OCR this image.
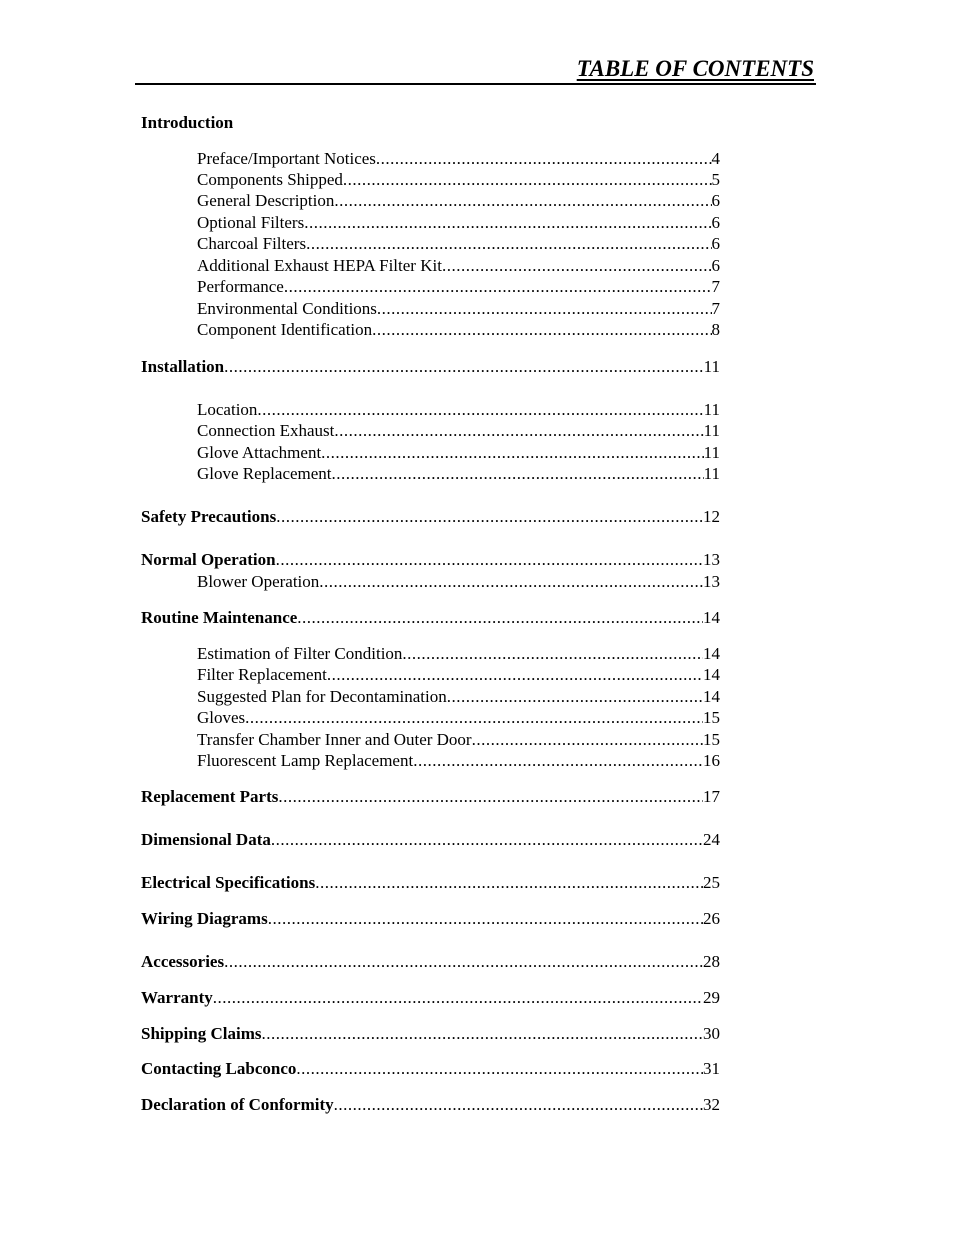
TABLE OF CONTENTS
Introduction
Preface/Important Notices .....	4
Components Shipped .....	5
General Description .....	6
Optional Filters .....	6
Charcoal Filters .....	6
Additional Exhaust HEPA Filter Kit .....	6
Performance .....	7
Environmental Conditions .....	7
Component Identification .....	8
Installation .....	11
Location .....	11
Connection Exhaust .....	11
Glove Attachment .....	11
Glove Replacement .....	11
Safety Precautions .....	12
Normal Operation .....	13
Blower Operation .....	13
Routine Maintenance .....	14
Estimation of Filter Condition .....	14
Filter Replacement .....	14
Suggested Plan for Decontamination .....	14
Gloves .....	15
Transfer Chamber Inner and Outer Door .....	15
Fluorescent Lamp Replacement .....	16
Replacement Parts .....	17
Dimensional Data .....	24
Electrical Specifications .....	25
Wiring Diagrams .....	26
Accessories .....	28
Warranty .....	29
Shipping Claims .....	30
Contacting Labconco .....	31
Declaration of Conformity .....	32
